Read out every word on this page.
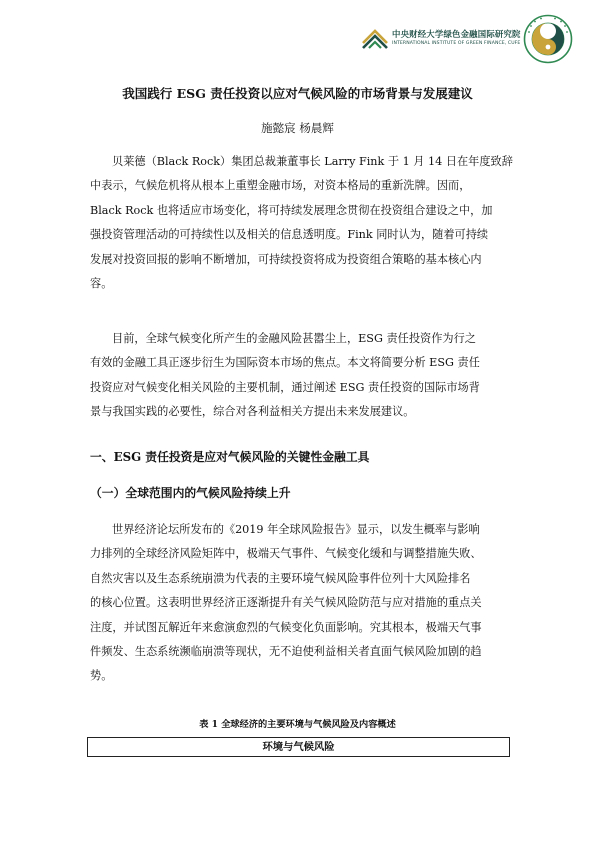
中央财经大学绿色金融国际研究院
INTERNATIONAL INSTITUTE OF GREEN FINANCE, CUFE
我国践行 ESG 责任投资以应对气候风险的市场背景与发展建议
施懿宸 杨晨辉
贝莱德（Black Rock）集团总裁兼董事长 Larry Fink 于 1 月 14 日在年度致辞
中表示，气候危机将从根本上重塑金融市场，对资本格局的重新洗牌。因而，
Black Rock 也将适应市场变化，将可持续发展理念贯彻在投资组合建设之中，加
强投资管理活动的可持续性以及相关的信息透明度。Fink 同时认为，随着可持续
发展对投资回报的影响不断增加，可持续投资将成为投资组合策略的基本核心内
容。
目前，全球气候变化所产生的金融风险甚嚣尘上，ESG 责任投资作为行之
有效的金融工具正逐步衍生为国际资本市场的焦点。本文将简要分析 ESG 责任
投资应对气候变化相关风险的主要机制，通过阐述 ESG 责任投资的国际市场背
景与我国实践的必要性，综合对各利益相关方提出未来发展建议。
一、ESG 责任投资是应对气候风险的关键性金融工具
（一）全球范围内的气候风险持续上升
世界经济论坛所发布的《2019 年全球风险报告》显示，以发生概率与影响
力排列的全球经济风险矩阵中，极端天气事件、气候变化缓和与调整措施失败、
自然灾害以及生态系统崩溃为代表的主要环境气候风险事件位列十大风险排名
的核心位置。这表明世界经济正逐渐提升有关气候风险防范与应对措施的重点关
注度，并试图瓦解近年来愈演愈烈的气候变化负面影响。究其根本，极端天气事
件频发、生态系统濒临崩溃等现状，无不迫使利益相关者直面气候风险加剧的趋
势。
表 1 全球经济的主要环境与气候风险及内容概述
环境与气候风险
